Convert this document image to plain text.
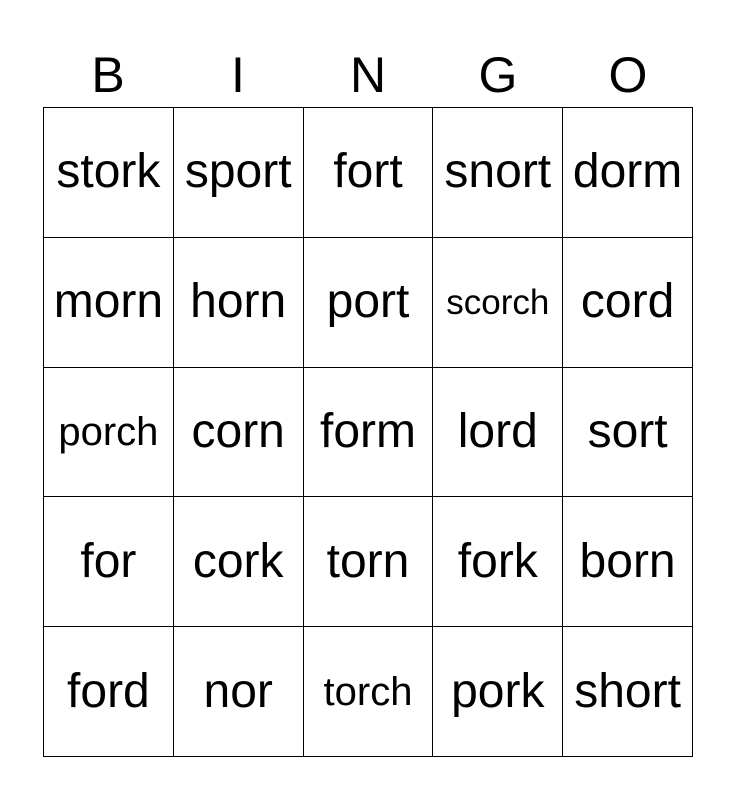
B	I	N	G	O
stork sport fort snort dorm
morn horn port	scorch cord
porch corn form lord	sort
for	cork torn	fork born
ford	nor	torch pork short
